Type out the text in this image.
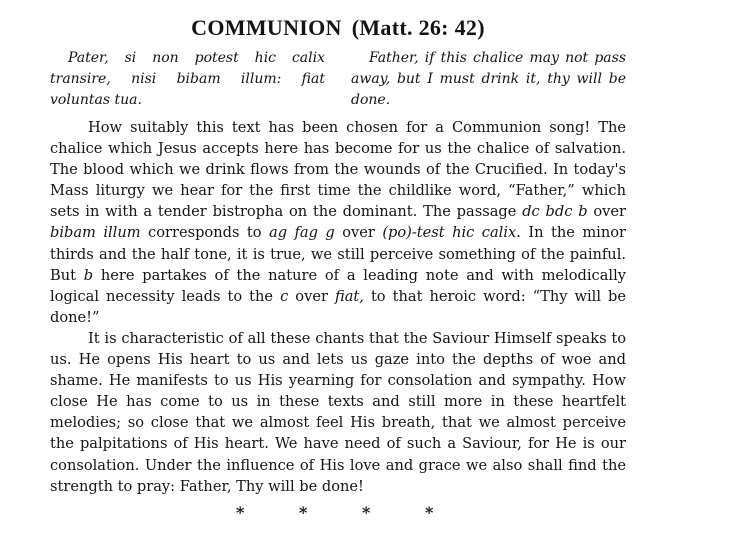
COMMUNION (Matt. 26: 42)
Pater, si non potest hic calix transire, nisi bibam illum: fiat voluntas tua.
Father, if this chalice may not pass away, but I must drink it, thy will be done.

How suitably this text has been chosen for a Communion song! The chalice which Jesus accepts here has become for us the chalice of salvation. The blood which we drink flows from the wounds of the Crucified. In today's Mass liturgy we hear for the first time the childlike word, “Father,” which sets in with a tender bistropha on the dominant. The passage dc bdc b over bibam illum corresponds to ag fag g over (po)-test hic calix. In the minor thirds and the half tone, it is true, we still perceive something of the painful. But b here partakes of the nature of a leading note and with melodically logical necessity leads to the c over fiat, to that heroic word: “Thy will be done!”

It is characteristic of all these chants that the Saviour Himself speaks to us. He opens His heart to us and lets us gaze into the depths of woe and shame. He manifests to us His yearning for consolation and sympathy. How close He has come to us in these texts and still more in these heartfelt melodies; so close that we almost feel His breath, that we almost perceive the palpitations of His heart. We have need of such a Saviour, for He is our consolation. Under the influence of His love and grace we also shall find the strength to pray: Father, Thy will be done!

*	*	*	*
